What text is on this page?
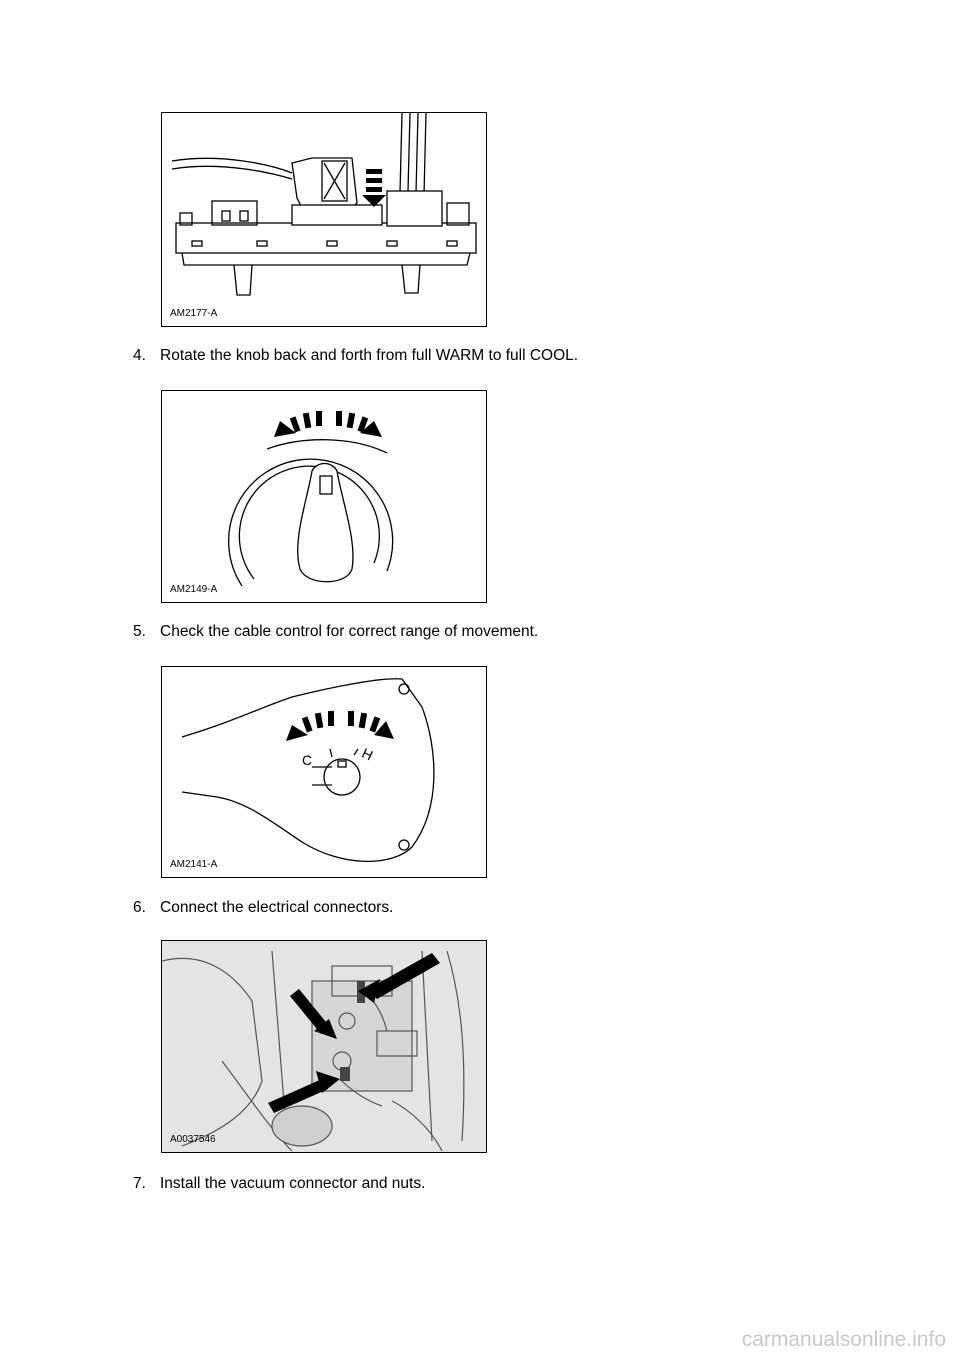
AM2177-A
4. Rotate the knob back and forth from full WARM to full COOL.
AM2149-A
5. Check the cable control for correct range of movement.
C	H
AM2141-A
6. Connect the electrical connectors.
A0037546
7. Install the vacuum connector and nuts.
carmanualsonline.info
